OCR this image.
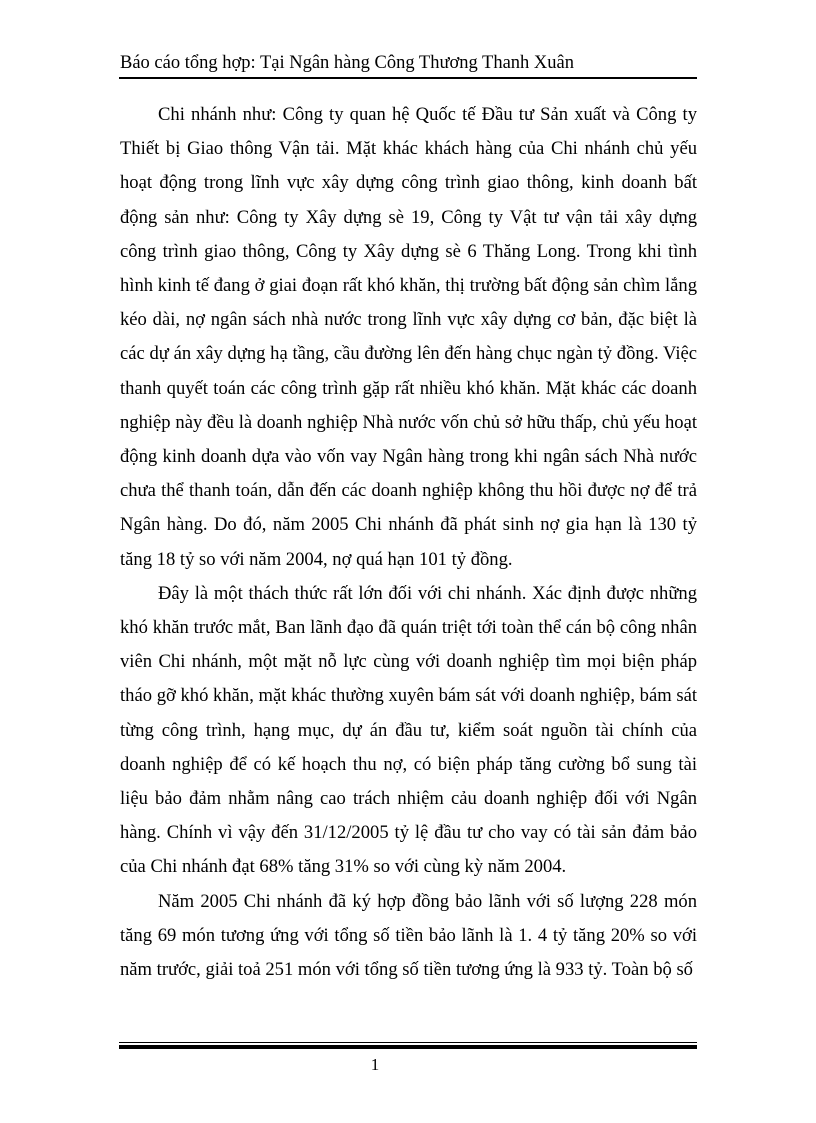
Báo cáo tổng hợp: Tại Ngân hàng Công Thương Thanh Xuân

Chi nhánh như: Công ty quan hệ Quốc tế Đầu tư Sản xuất và Công ty Thiết bị Giao thông Vận tải. Mặt khác khách hàng của Chi nhánh chủ yếu hoạt động trong lĩnh vực xây dựng công trình giao thông, kinh doanh bất động sản như: Công ty Xây dựng sè 19, Công ty Vật tư vận tải xây dựng công trình giao thông, Công ty Xây dựng sè 6 Thăng Long. Trong khi tình hình kinh tế đang ở giai đoạn rất khó khăn, thị trường bất động sản chìm lắng kéo dài, nợ ngân sách nhà nước trong lĩnh vực xây dựng cơ bản, đặc biệt là các dự án xây dựng hạ tầng, cầu đường lên đến hàng chục ngàn tỷ đồng. Việc thanh quyết toán các công trình gặp rất nhiều khó khăn. Mặt khác các doanh nghiệp này đều là doanh nghiệp Nhà nước vốn chủ sở hữu thấp, chủ yếu hoạt động kinh doanh dựa vào vốn vay Ngân hàng trong khi ngân sách Nhà nước chưa thể thanh toán, dẫn đến các doanh nghiệp không thu hồi được nợ để trả Ngân hàng. Do đó, năm 2005 Chi nhánh đã phát sinh nợ gia hạn là 130 tỷ tăng 18 tỷ so với năm 2004, nợ quá hạn 101 tỷ đồng.

Đây là một thách thức rất lớn đối với chi nhánh. Xác định được những khó khăn trước mắt, Ban lãnh đạo đã quán triệt tới toàn thể cán bộ công nhân viên Chi nhánh, một mặt nỗ lực cùng với doanh nghiệp tìm mọi biện pháp tháo gỡ khó khăn, mặt khác thường xuyên bám sát với doanh nghiệp, bám sát từng công trình, hạng mục, dự án đầu tư, kiểm soát nguồn tài chính của doanh nghiệp để có kế hoạch thu nợ, có biện pháp tăng cường bổ sung tài liệu bảo đảm nhằm nâng cao trách nhiệm cảu doanh nghiệp đối với Ngân hàng. Chính vì vậy đến 31/12/2005 tỷ lệ đầu tư cho vay có tài sản đảm bảo của Chi nhánh đạt 68% tăng 31% so với cùng kỳ năm 2004.

Năm 2005 Chi nhánh đã ký hợp đồng bảo lãnh với số lượng 228 món tăng 69 món tương ứng với tổng số tiền bảo lãnh là 1. 4 tỷ tăng 20% so với năm trước, giải toả 251 món với tổng số tiền tương ứng là 933 tỷ. Toàn bộ số

1
